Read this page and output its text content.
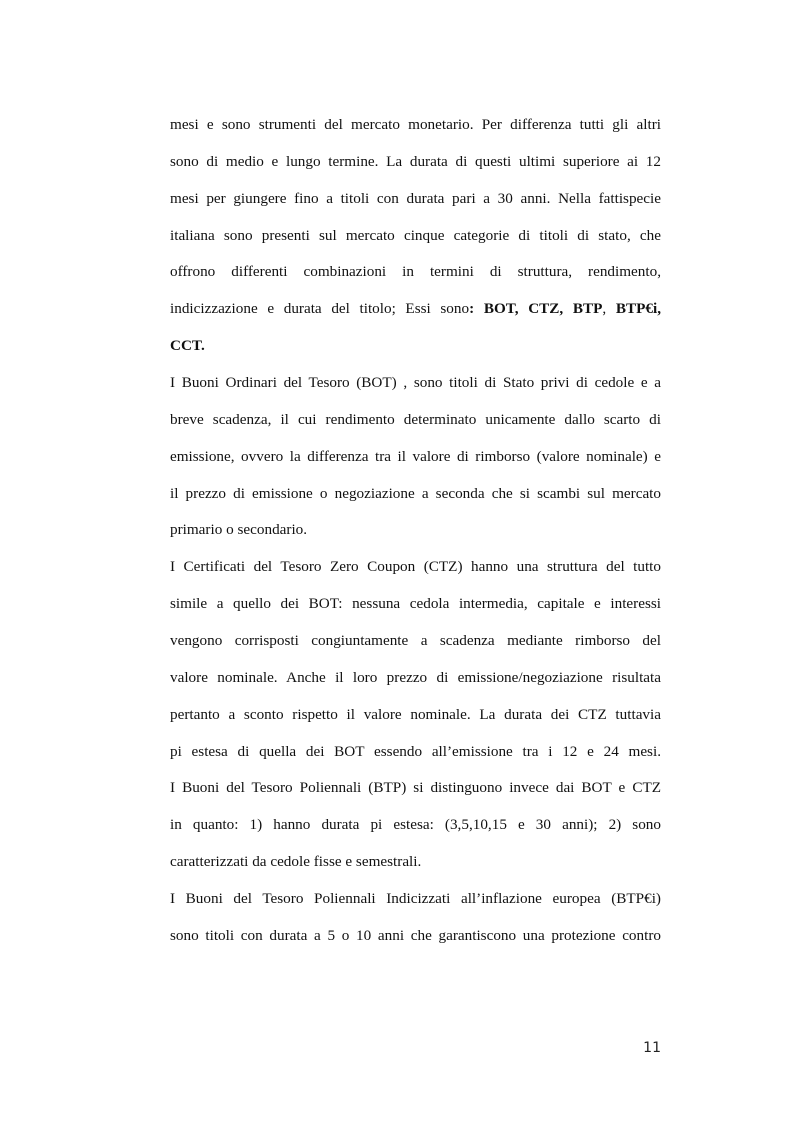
mesi e sono strumenti del mercato monetario. Per differenza tutti gli altri
sono di medio e lungo termine. La durata di questi ultimi superiore ai 12
mesi per giungere fino a titoli con durata pari a 30 anni. Nella fattispecie
italiana sono presenti sul mercato cinque categorie di titoli di stato, che
offrono differenti combinazioni in termini di struttura, rendimento,
indicizzazione e durata del titolo; Essi sono: BOT, CTZ, BTP, BTP€i,
CCT.
I Buoni Ordinari del Tesoro (BOT) , sono titoli di Stato privi di cedole e a
breve scadenza, il cui rendimento determinato unicamente dallo scarto di
emissione, ovvero la differenza tra il valore di rimborso (valore nominale) e
il prezzo di emissione o negoziazione a seconda che si scambi sul mercato
primario o secondario.
I Certificati del Tesoro Zero Coupon (CTZ) hanno una struttura del tutto
simile a quello dei BOT: nessuna cedola intermedia, capitale e interessi
vengono corrisposti congiuntamente a scadenza mediante rimborso del
valore nominale. Anche il loro prezzo di emissione/negoziazione risultata
pertanto a sconto rispetto il valore nominale. La durata dei CTZ tuttavia
pi estesa di quella dei BOT essendo all’emissione tra i 12 e 24 mesi.
I Buoni del Tesoro Poliennali (BTP) si distinguono invece dai BOT e CTZ
in quanto: 1) hanno durata pi estesa: (3,5,10,15 e 30 anni); 2) sono
caratterizzati da cedole fisse e semestrali.
I Buoni del Tesoro Poliennali Indicizzati all’inflazione europea (BTP€i)
sono titoli con durata a 5 o 10 anni che garantiscono una protezione contro
11
